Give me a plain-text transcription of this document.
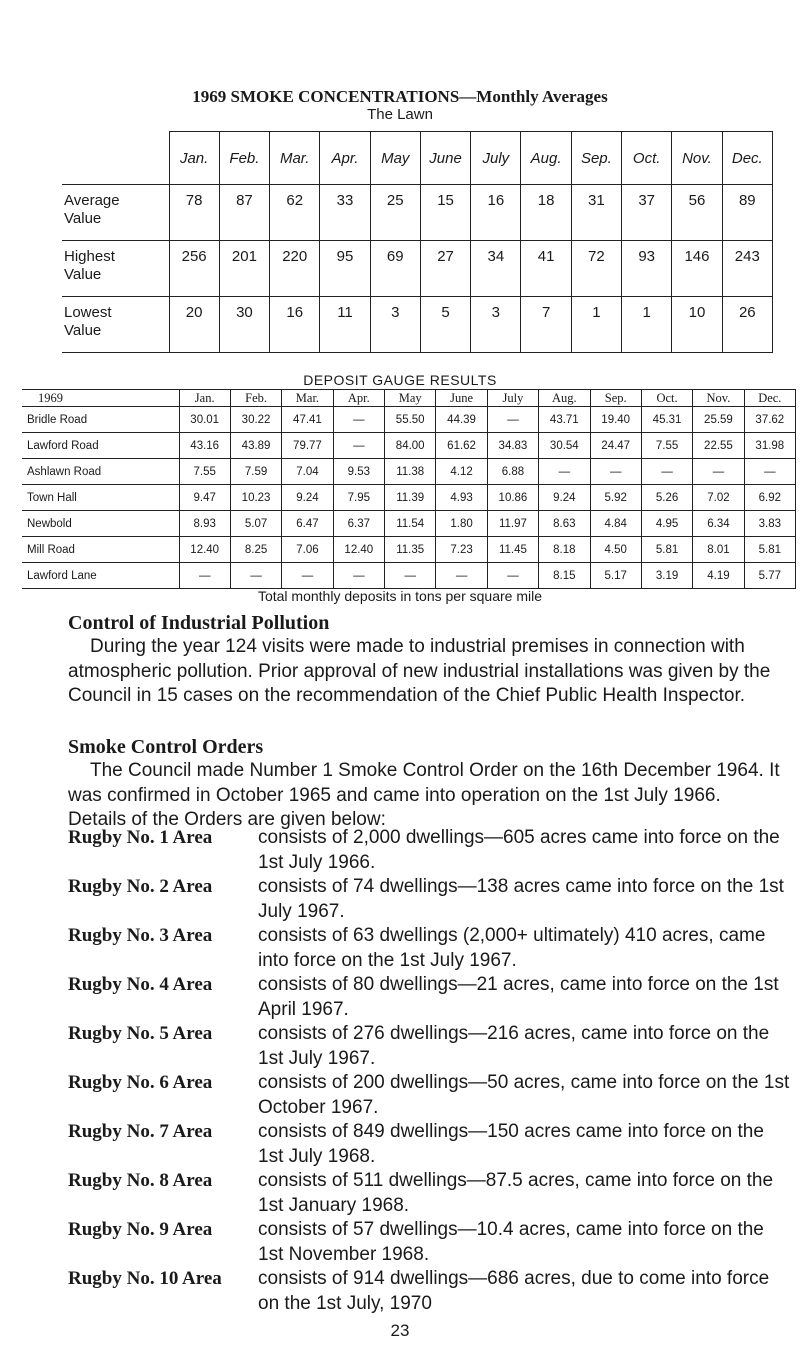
1969 SMOKE CONCENTRATIONS—Monthly Averages
The Lawn
	Jan.	Feb.	Mar.	Apr.	May	June	July	Aug.	Sep.	Oct.	Nov.	Dec.

Average
Value	78	87	62	33	25	15	16	18	31	37	56	89

Highest
Value	256	201	220	95	69	27	34	41	72	93	146	243

Lowest
Value	20	30	16	11	3	5	3	7	1	1	10	26
DEPOSIT GAUGE RESULTS
1969	Jan.	Feb.	Mar.	Apr.	May	June	July	Aug.	Sep.	Oct.	Nov.	Dec.
Bridle Road	30.01	30.22	47.41	—	55.50	44.39	—	43.71	19.40	45.31	25.59	37.62
Lawford Road	43.16	43.89	79.77	—	84.00	61.62	34.83	30.54	24.47	7.55	22.55	31.98
Ashlawn Road	7.55	7.59	7.04	9.53	11.38	4.12	6.88	—	—	—	—	—
Town Hall	9.47	10.23	9.24	7.95	11.39	4.93	10.86	9.24	5.92	5.26	7.02	6.92
Newbold	8.93	5.07	6.47	6.37	11.54	1.80	11.97	8.63	4.84	4.95	6.34	3.83
Mill Road	12.40	8.25	7.06	12.40	11.35	7.23	11.45	8.18	4.50	5.81	8.01	5.81
Lawford Lane	—	—	—	—	—	—	—	8.15	5.17	3.19	4.19	5.77
Total monthly deposits in tons per square mile
Control of Industrial Pollution
During the year 124 visits were made to industrial premises in connection with atmospheric pollution. Prior approval of new industrial installations was given by the Council in 15 cases on the recommendation of the Chief Public Health Inspector.
Smoke Control Orders
The Council made Number 1 Smoke Control Order on the 16th December 1964. It was confirmed in October 1965 and came into operation on the 1st July 1966. Details of the Orders are given below:
Rugby No. 1 Area	consists of 2,000 dwellings—605 acres came into force on the 1st July 1966.
Rugby No. 2 Area	consists of 74 dwellings—138 acres came into force on the 1st July 1967.
Rugby No. 3 Area	consists of 63 dwellings (2,000+ ultimately) 410 acres, came into force on the 1st July 1967.
Rugby No. 4 Area	consists of 80 dwellings—21 acres, came into force on the 1st April 1967.
Rugby No. 5 Area	consists of 276 dwellings—216 acres, came into force on the 1st July 1967.
Rugby No. 6 Area	consists of 200 dwellings—50 acres, came into force on the 1st October 1967.
Rugby No. 7 Area	consists of 849 dwellings—150 acres came into force on the 1st July 1968.
Rugby No. 8 Area	consists of 511 dwellings—87.5 acres, came into force on the 1st January 1968.
Rugby No. 9 Area	consists of 57 dwellings—10.4 acres, came into force on the 1st November 1968.
Rugby No. 10 Area	consists of 914 dwellings—686 acres, due to come into force on the 1st July, 1970
23
